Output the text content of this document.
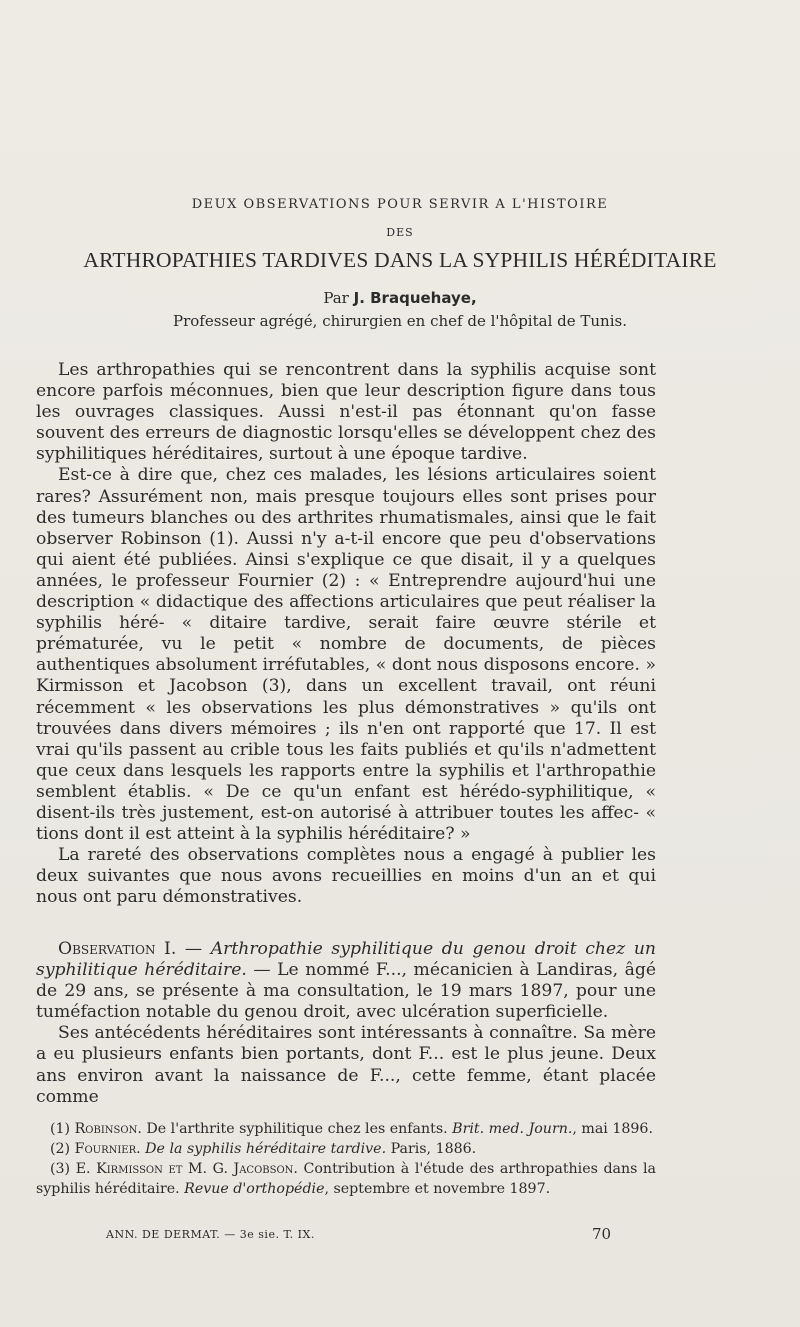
DEUX OBSERVATIONS POUR SERVIR A L'HISTOIRE
DES
ARTHROPATHIES TARDIVES DANS LA SYPHILIS HÉRÉDITAIRE
Par J. Braquehaye,
Professeur agrégé, chirurgien en chef de l'hôpital de Tunis.

Les arthropathies qui se rencontrent dans la syphilis acquise sont encore parfois méconnues, bien que leur description figure dans tous les ouvrages classiques. Aussi n'est-il pas étonnant qu'on fasse souvent des erreurs de diagnostic lorsqu'elles se développent chez des syphilitiques héréditaires, surtout à une époque tardive.

Est-ce à dire que, chez ces malades, les lésions articulaires soient rares? Assurément non, mais presque toujours elles sont prises pour des tumeurs blanches ou des arthrites rhumatismales, ainsi que le fait observer Robinson (1). Aussi n'y a-t-il encore que peu d'observations qui aient été publiées. Ainsi s'explique ce que disait, il y a quelques années, le professeur Fournier (2) : « Entreprendre aujourd'hui une description « didactique des affections articulaires que peut réaliser la syphilis héré- « ditaire tardive, serait faire œuvre stérile et prématurée, vu le petit « nombre de documents, de pièces authentiques absolument irréfutables, « dont nous disposons encore. » Kirmisson et Jacobson (3), dans un excellent travail, ont réuni récemment « les observations les plus démonstratives » qu'ils ont trouvées dans divers mémoires ; ils n'en ont rapporté que 17. Il est vrai qu'ils passent au crible tous les faits publiés et qu'ils n'admettent que ceux dans lesquels les rapports entre la syphilis et l'arthropathie semblent établis. « De ce qu'un enfant est hérédo-syphilitique, « disent-ils très justement, est-on autorisé à attribuer toutes les affec- « tions dont il est atteint à la syphilis héréditaire? »

La rareté des observations complètes nous a engagé à publier les deux suivantes que nous avons recueillies en moins d'un an et qui nous ont paru démonstratives.

Observation I. — Arthropathie syphilitique du genou droit chez un syphilitique héréditaire. — Le nommé F..., mécanicien à Landiras, âgé de 29 ans, se présente à ma consultation, le 19 mars 1897, pour une tuméfaction notable du genou droit, avec ulcération superficielle.

Ses antécédents héréditaires sont intéressants à connaître. Sa mère a eu plusieurs enfants bien portants, dont F... est le plus jeune. Deux ans environ avant la naissance de F..., cette femme, étant placée comme

(1) Robinson. De l'arthrite syphilitique chez les enfants. Brit. med. Journ., mai 1896.

(2) Fournier. De la syphilis héréditaire tardive. Paris, 1886.

(3) E. Kirmisson et M. G. Jacobson. Contribution à l'étude des arthropathies dans la syphilis héréditaire. Revue d'orthopédie, septembre et novembre 1897.

ANN. DE DERMAT. — 3e sie. T. IX.	70
